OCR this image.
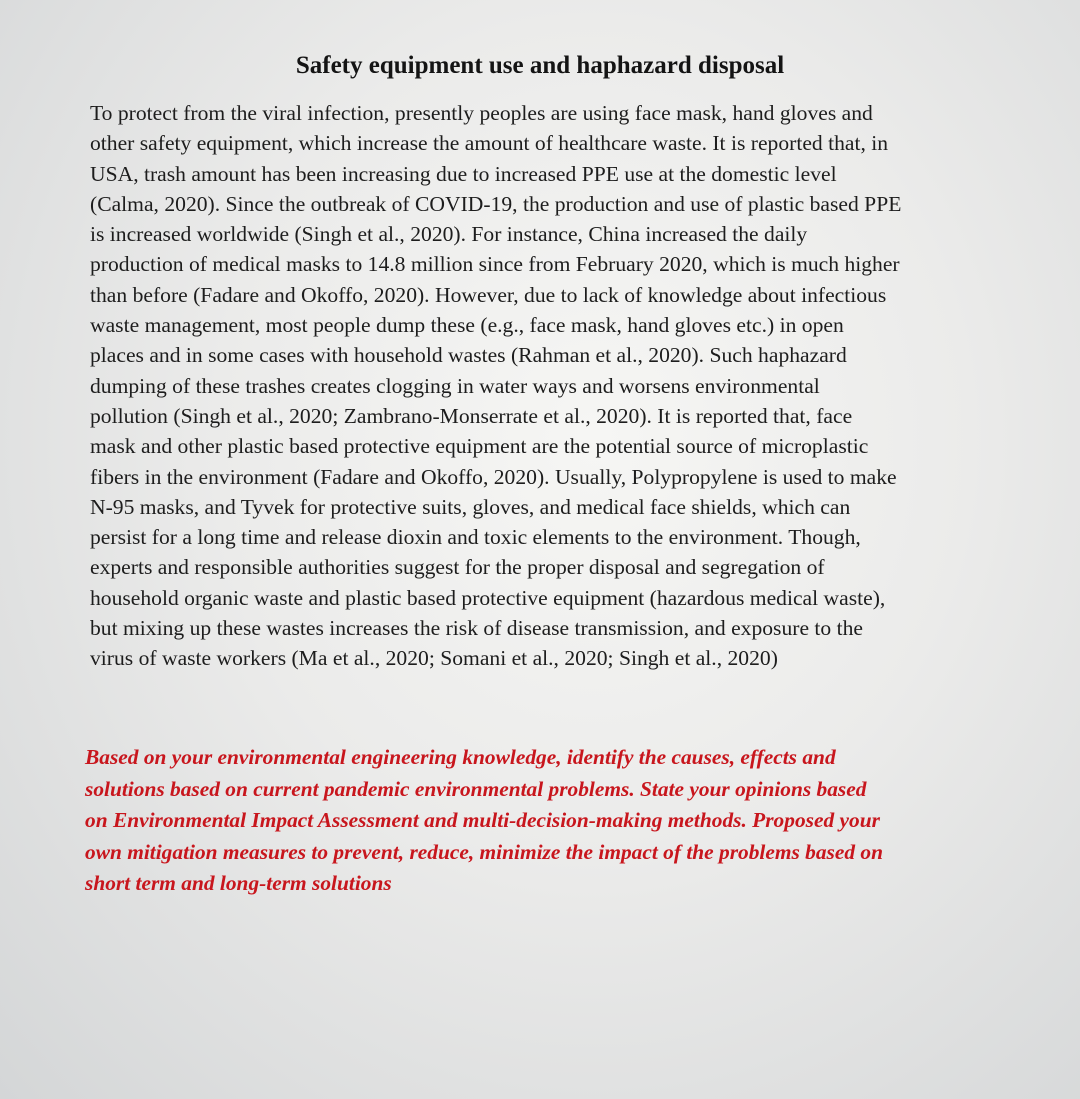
Safety equipment use and haphazard disposal
To protect from the viral infection, presently peoples are using face mask, hand gloves and
other safety equipment, which increase the amount of healthcare waste. It is reported that, in
USA, trash amount has been increasing due to increased PPE use at the domestic level
(Calma, 2020). Since the outbreak of COVID-19, the production and use of plastic based PPE
is increased worldwide (Singh et al., 2020). For instance, China increased the daily
production of medical masks to 14.8 million since from February 2020, which is much higher
than before (Fadare and Okoffo, 2020). However, due to lack of knowledge about infectious
waste management, most people dump these (e.g., face mask, hand gloves etc.) in open
places and in some cases with household wastes (Rahman et al., 2020). Such haphazard
dumping of these trashes creates clogging in water ways and worsens environmental
pollution (Singh et al., 2020; Zambrano-Monserrate et al., 2020). It is reported that, face
mask and other plastic based protective equipment are the potential source of microplastic
fibers in the environment (Fadare and Okoffo, 2020). Usually, Polypropylene is used to make
N-95 masks, and Tyvek for protective suits, gloves, and medical face shields, which can
persist for a long time and release dioxin and toxic elements to the environment. Though,
experts and responsible authorities suggest for the proper disposal and segregation of
household organic waste and plastic based protective equipment (hazardous medical waste),
but mixing up these wastes increases the risk of disease transmission, and exposure to the
virus of waste workers (Ma et al., 2020; Somani et al., 2020; Singh et al., 2020)
Based on your environmental engineering knowledge, identify the causes, effects and
solutions based on current pandemic environmental problems. State your opinions based
on Environmental Impact Assessment and multi-decision-making methods. Proposed your
own mitigation measures to prevent, reduce, minimize the impact of the problems based on
short term and long-term solutions
